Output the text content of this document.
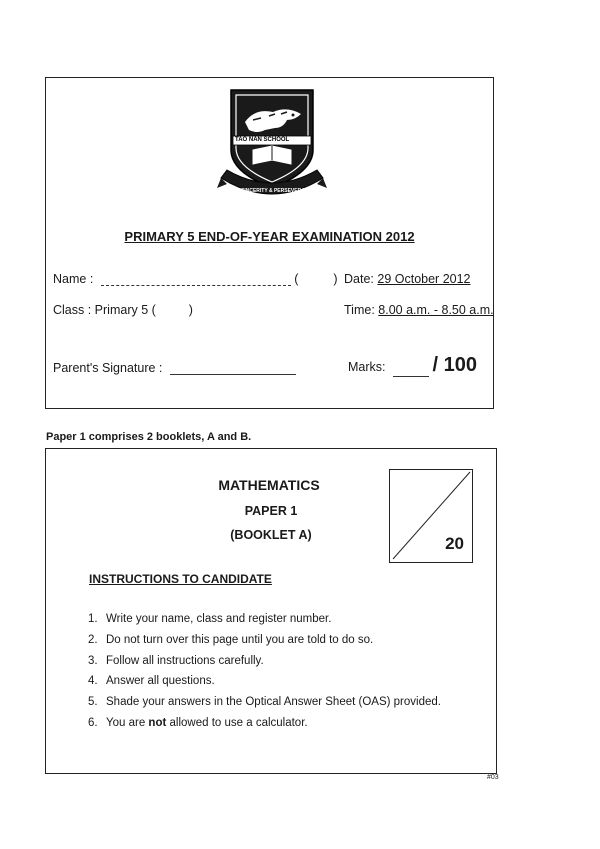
TAO NAN SCHOOL
SINCERITY & PERSEVERANCE
PRIMARY 5 END-OF-YEAR EXAMINATION 2012
Name :	(	) Date: 29 October 2012
Class : Primary 5 (	)	Time: 8.00 a.m. - 8.50 a.m.
Parent's Signature :	Marks: / 100
Paper 1 comprises 2 booklets, A and B.
MATHEMATICS
PAPER 1
(BOOKLET A)	20
INSTRUCTIONS TO CANDIDATE
1. Write your name, class and register number.
2. Do not turn over this page until you are told to do so.
3. Follow all instructions carefully.
4. Answer all questions.
5. Shade your answers in the Optical Answer Sheet (OAS) provided.
6. You are not allowed to use a calculator.
#03
